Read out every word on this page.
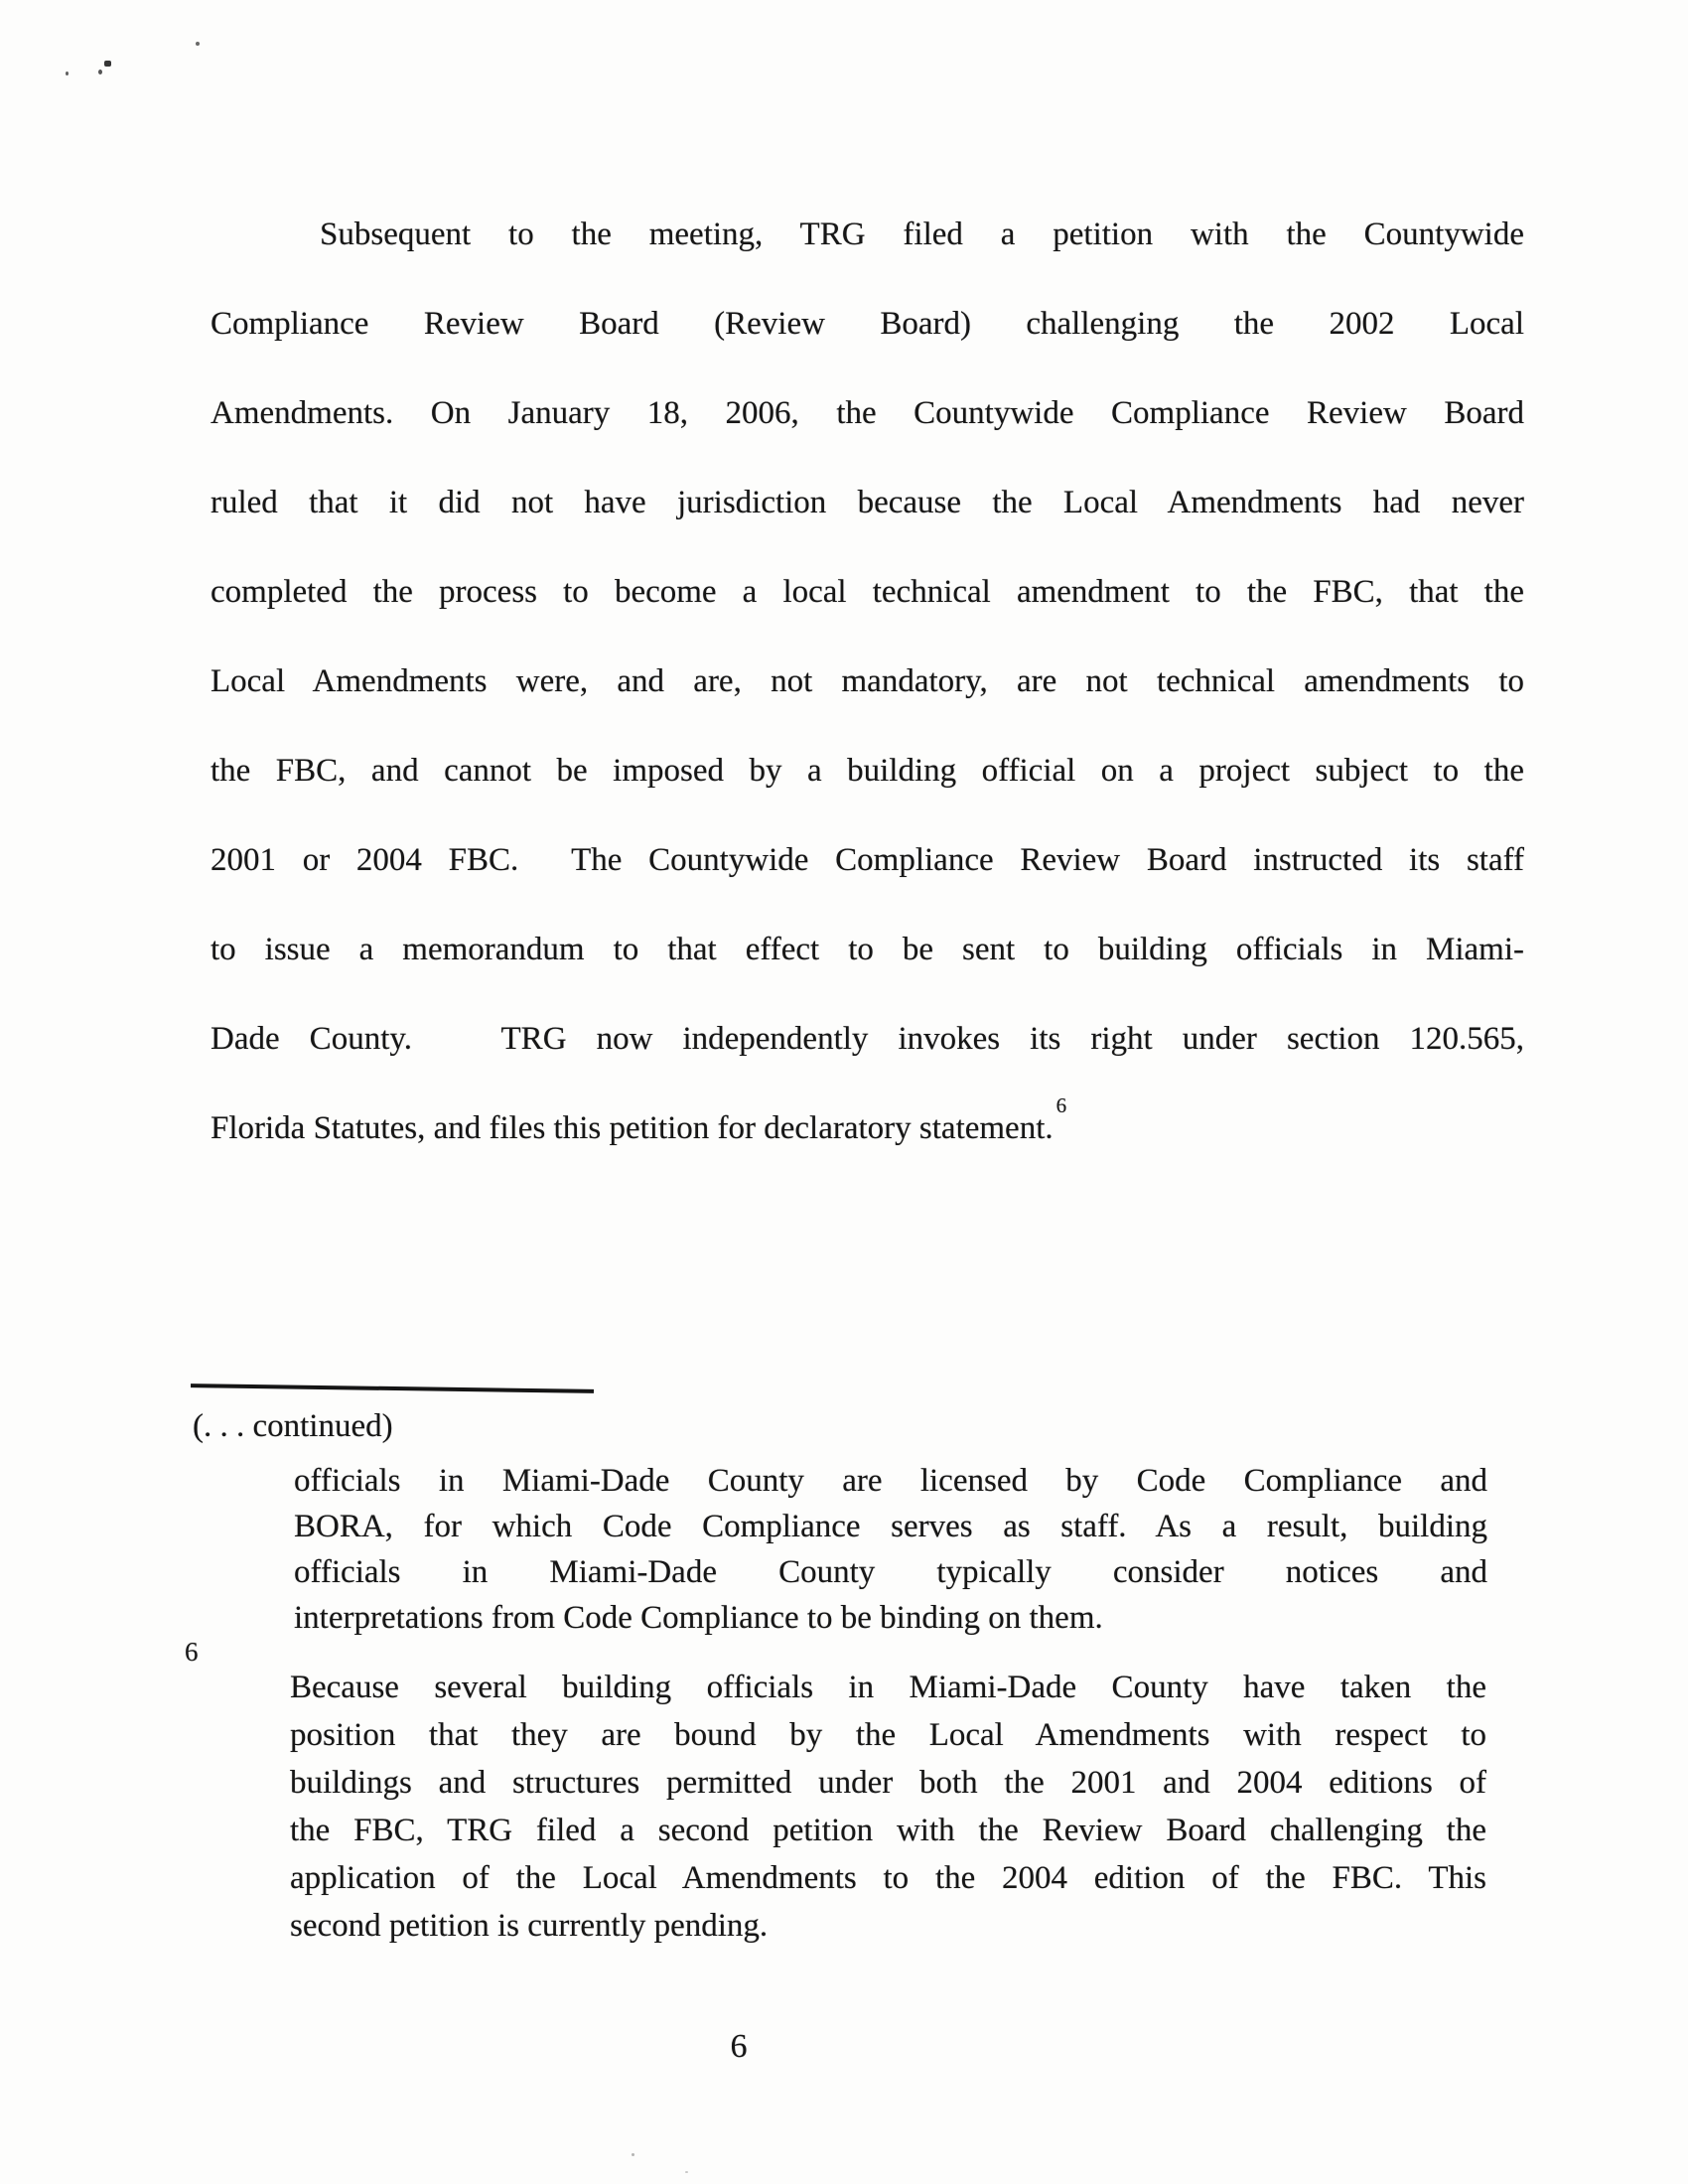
Subsequent to the meeting, TRG filed a petition with the Countywide
Compliance Review Board (Review Board) challenging the 2002 Local
Amendments. On January 18, 2006, the Countywide Compliance Review Board
ruled that it did not have jurisdiction because the Local Amendments had never
completed the process to become a local technical amendment to the FBC, that the
Local Amendments were, and are, not mandatory, are not technical amendments to
the FBC, and cannot be imposed by a building official on a project subject to the
2001 or 2004 FBC.  The Countywide Compliance Review Board instructed its staff
to issue a memorandum to that effect to be sent to building officials in Miami-
Dade County.   TRG now independently invokes its right under section 120.565,
Florida Statutes, and files this petition for declaratory statement.$^6$
(. . . continued)
officials in Miami-Dade County are licensed by Code Compliance and
BORA, for which Code Compliance serves as staff. As a result, building
officials in Miami-Dade County typically consider notices and
interpretations from Code Compliance to be binding on them.
6
Because several building officials in Miami-Dade County have taken the
position that they are bound by the Local Amendments with respect to
buildings and structures permitted under both the 2001 and 2004 editions of
the FBC, TRG filed a second petition with the Review Board challenging the
application of the Local Amendments to the 2004 edition of the FBC. This
second petition is currently pending.
6
